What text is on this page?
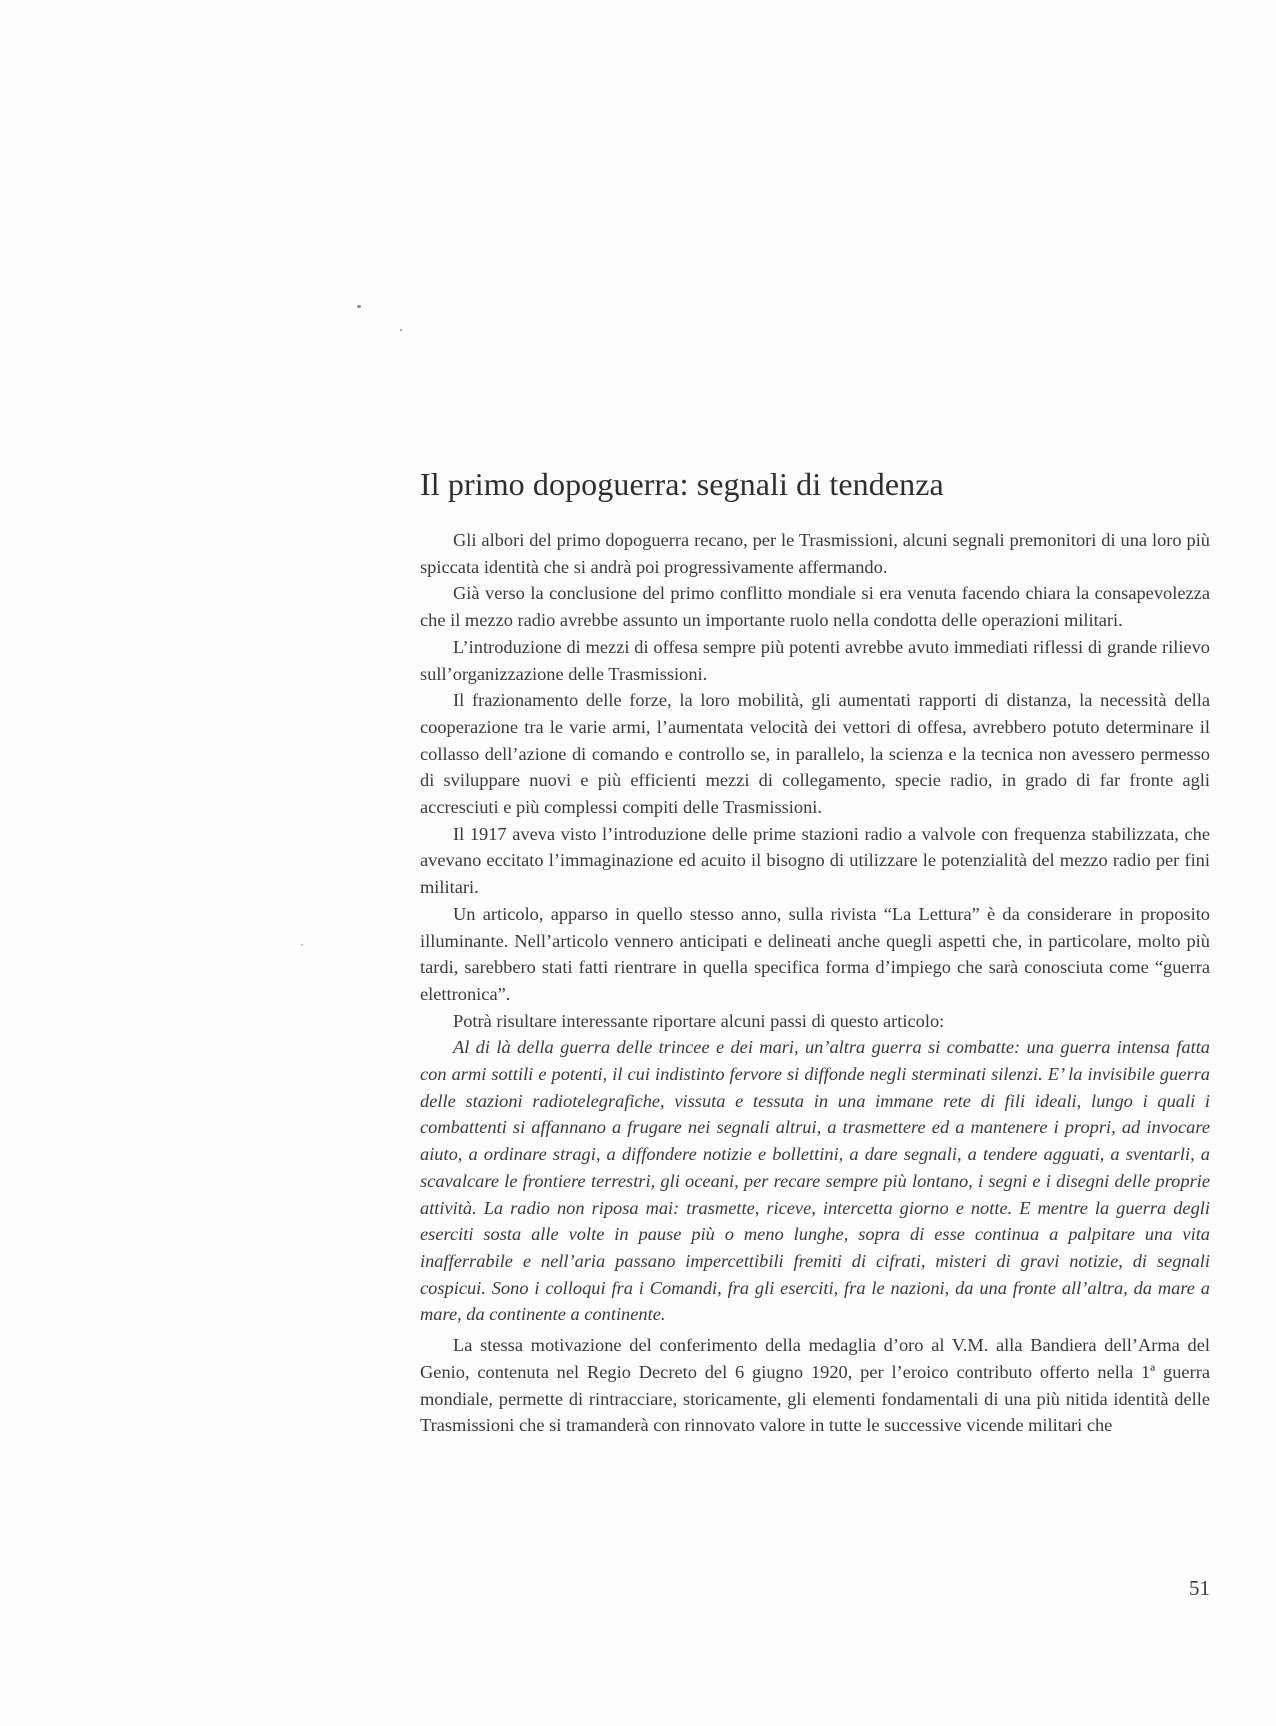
Il primo dopoguerra: segnali di tendenza

Gli albori del primo dopoguerra recano, per le Trasmissioni, alcuni segnali premonitori di una loro più spiccata identità che si andrà poi progressivamente affermando.

Già verso la conclusione del primo conflitto mondiale si era venuta facendo chiara la consapevolezza che il mezzo radio avrebbe assunto un importante ruolo nella condotta delle operazioni militari.

L’introduzione di mezzi di offesa sempre più potenti avrebbe avuto immediati riflessi di grande rilievo sull’organizzazione delle Trasmissioni.

Il frazionamento delle forze, la loro mobilità, gli aumentati rapporti di distanza, la necessità della cooperazione tra le varie armi, l’aumentata velocità dei vettori di offesa, avrebbero potuto determinare il collasso dell’azione di comando e controllo se, in parallelo, la scienza e la tecnica non avessero permesso di sviluppare nuovi e più efficienti mezzi di collegamento, specie radio, in grado di far fronte agli accresciuti e più complessi compiti delle Trasmissioni.

Il 1917 aveva visto l’introduzione delle prime stazioni radio a valvole con frequenza stabilizzata, che avevano eccitato l’immaginazione ed acuito il bisogno di utilizzare le potenzialità del mezzo radio per fini militari.

Un articolo, apparso in quello stesso anno, sulla rivista “La Lettura” è da considerare in proposito illuminante. Nell’articolo vennero anticipati e delineati anche quegli aspetti che, in particolare, molto più tardi, sarebbero stati fatti rientrare in quella specifica forma d’impiego che sarà conosciuta come “guerra elettronica”.

Potrà risultare interessante riportare alcuni passi di questo articolo:

Al di là della guerra delle trincee e dei mari, un’altra guerra si combatte: una guerra intensa fatta con armi sottili e potenti, il cui indistinto fervore si diffonde negli sterminati silenzi. E’ la invisibile guerra delle stazioni radiotelegrafiche, vissuta e tessuta in una immane rete di fili ideali, lungo i quali i combattenti si affannano a frugare nei segnali altrui, a trasmettere ed a mantenere i propri, ad invocare aiuto, a ordinare stragi, a diffondere notizie e bollettini, a dare segnali, a tendere agguati, a sventarli, a scavalcare le frontiere terrestri, gli oceani, per recare sempre più lontano, i segni e i disegni delle proprie attività. La radio non riposa mai: trasmette, riceve, intercetta giorno e notte. E mentre la guerra degli eserciti sosta alle volte in pause più o meno lunghe, sopra di esse continua a palpitare una vita inafferrabile e nell’aria passano impercettibili fremiti di cifrati, misteri di gravi notizie, di segnali cospicui. Sono i colloqui fra i Comandi, fra gli eserciti, fra le nazioni, da una fronte all’altra, da mare a mare, da continente a continente.

La stessa motivazione del conferimento della medaglia d’oro al V.M. alla Bandiera dell’Arma del Genio, contenuta nel Regio Decreto del 6 giugno 1920, per l’eroico contributo offerto nella 1ª guerra mondiale, permette di rintracciare, storicamente, gli elementi fondamentali di una più nitida identità delle Trasmissioni che si tramanderà con rinnovato valore in tutte le successive vicende militari che

51
